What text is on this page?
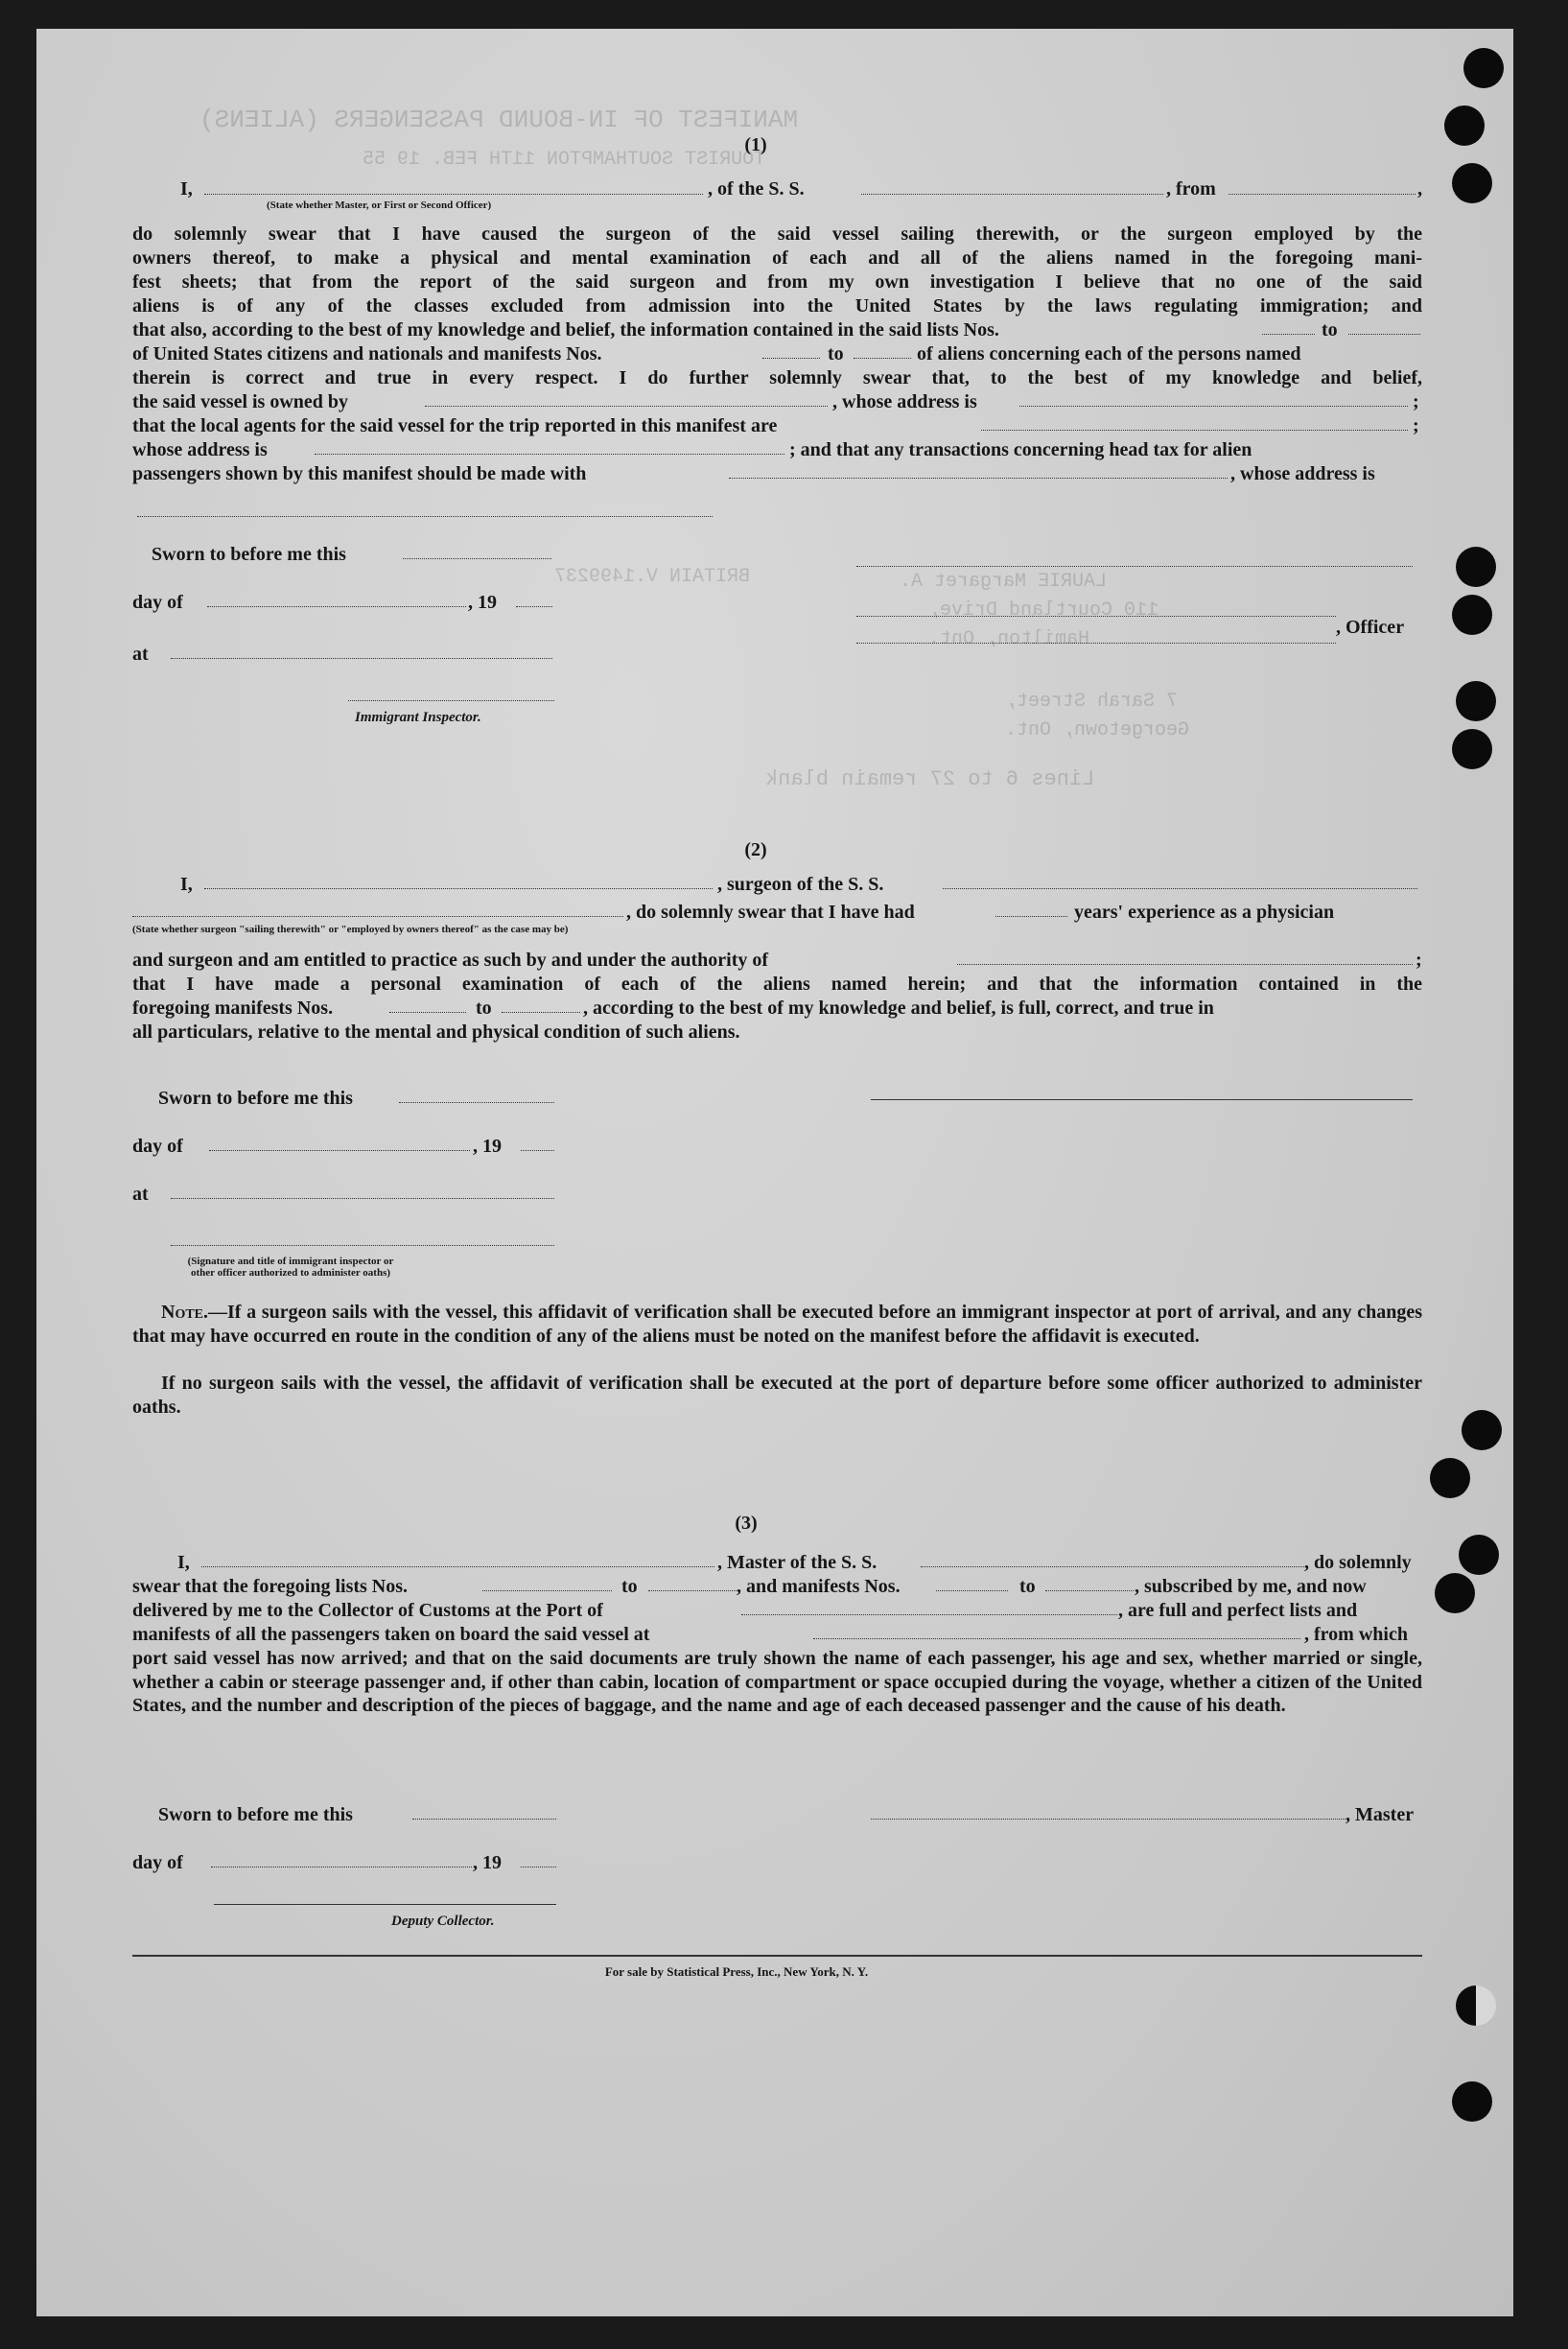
MANIFEST OF IN-BOUND PASSENGERS (ALIENS)
TOURIST SOUTHAMPTON 11TH FEB. 19 55
BRITAIN V.1499237	LAURIE Margaret A.
110 Courtland Drive,
Hamilton, Ont.
7 Sarah Street,
Georgetown, Ont.
Lines 6 to 27 remain blank
(1)
I,
(State whether Master, or First or Second Officer)
, of the S. S.	, from	,
do solemnly swear that I have caused the surgeon of the said vessel sailing therewith, or the surgeon employed by the
owners thereof, to make a physical and mental examination of each and all of the aliens named in the foregoing mani-
fest sheets; that from the report of the said surgeon and from my own investigation I believe that no one of the said
aliens is of any of the classes excluded from admission into the United States by the laws regulating immigration; and
that also, according to the best of my knowledge and belief, the information contained in the said lists Nos.	to
of United States citizens and nationals and manifests Nos.	to	of aliens concerning each of the persons named
therein is correct and true in every respect. I do further solemnly swear that, to the best of my knowledge and belief,
the said vessel is owned by	, whose address is	;
that the local agents for the said vessel for the trip reported in this manifest are	;
whose address is	; and that any transactions concerning head tax for alien
passengers shown by this manifest should be made with	, whose address is
Sworn to before me this
day of	, 19
at
, Officer
Immigrant Inspector.
(2)
I,	, surgeon of the S. S.
(State whether surgeon "sailing therewith" or "employed by owners thereof" as the case may be)
, do solemnly swear that I have had	years' experience as a physician
and surgeon and am entitled to practice as such by and under the authority of	;
that I have made a personal examination of each of the aliens named herein; and that the information contained in the
foregoing manifests Nos.	to	, according to the best of my knowledge and belief, is full, correct, and true in
all particulars, relative to the mental and physical condition of such aliens.
Sworn to before me this
day of	, 19
at
(Signature and title of immigrant inspector or other officer authorized to administer oaths)
Note.—If a surgeon sails with the vessel, this affidavit of verification shall be executed before an immigrant inspector at port of arrival, and any changes that may have occurred en route in the condition of any of the aliens must be noted on the manifest before the affidavit is executed.
If no surgeon sails with the vessel, the affidavit of verification shall be executed at the port of departure before some officer authorized to administer oaths.
(3)
I,	, Master of the S. S.	, do solemnly
swear that the foregoing lists Nos.	to	, and manifests Nos.	to	, subscribed by me, and now
delivered by me to the Collector of Customs at the Port of	, are full and perfect lists and
manifests of all the passengers taken on board the said vessel at	, from which
port said vessel has now arrived; and that on the said documents are truly shown the name of each passenger, his age and sex, whether married or single, whether a cabin or steerage passenger and, if other than cabin, location of compartment or space occupied during the voyage, whether a citizen of the United States, and the number and description of the pieces of baggage, and the name and age of each deceased passenger and the cause of his death.
Sworn to before me this	, Master
day of	, 19
Deputy Collector.
For sale by Statistical Press, Inc., New York, N. Y.
